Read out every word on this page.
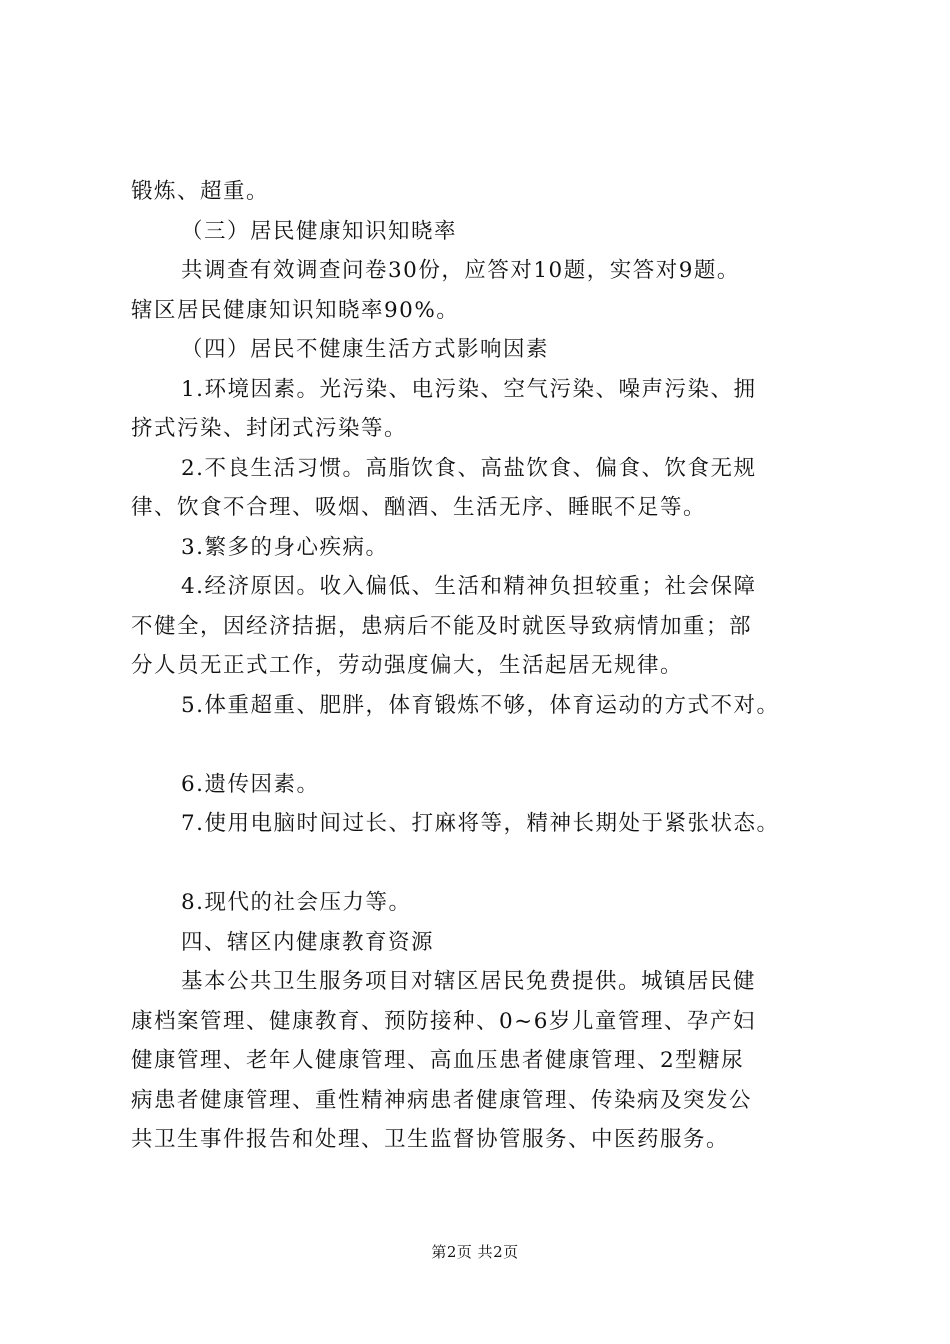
锻炼、超重。

（三）居民健康知识知晓率

共调查有效调查问卷30份，应答对10题，实答对9题。

辖区居民健康知识知晓率90%。

（四）居民不健康生活方式影响因素

1.环境因素。光污染、电污染、空气污染、噪声污染、拥

挤式污染、封闭式污染等。

2.不良生活习惯。高脂饮食、高盐饮食、偏食、饮食无规

律、饮食不合理、吸烟、酗酒、生活无序、睡眠不足等。

3.繁多的身心疾病。

4.经济原因。收入偏低、生活和精神负担较重；社会保障

不健全，因经济拮据，患病后不能及时就医导致病情加重；部

分人员无正式工作，劳动强度偏大，生活起居无规律。

5.体重超重、肥胖，体育锻炼不够，体育运动的方式不对。

6.遗传因素。

7.使用电脑时间过长、打麻将等，精神长期处于紧张状态。

8.现代的社会压力等。

四、辖区内健康教育资源

基本公共卫生服务项目对辖区居民免费提供。城镇居民健

康档案管理、健康教育、预防接种、0~6岁儿童管理、孕产妇

健康管理、老年人健康管理、高血压患者健康管理、2型糖尿

病患者健康管理、重性精神病患者健康管理、传染病及突发公

共卫生事件报告和处理、卫生监督协管服务、中医药服务。

第2页 共2页
